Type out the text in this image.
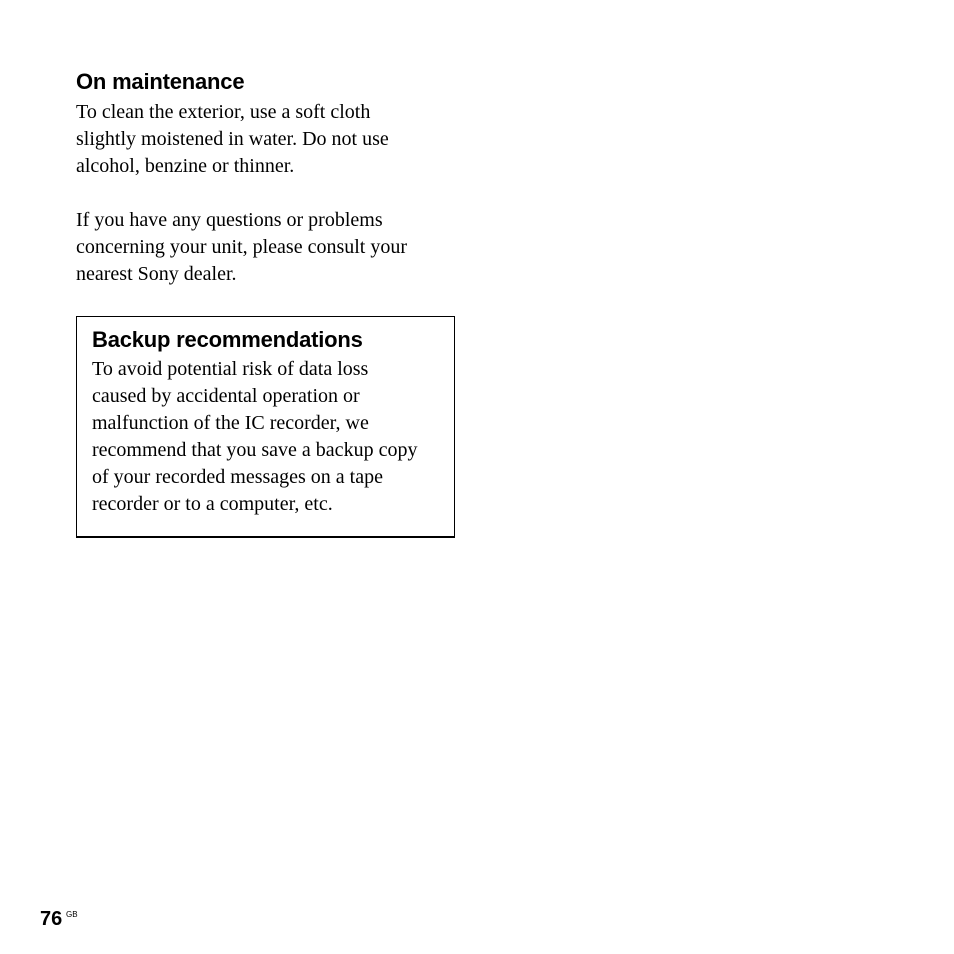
On maintenance

To clean the exterior, use a soft cloth
slightly moistened in water. Do not use
alcohol, benzine or thinner.

If you have any questions or problems
concerning your unit, please consult your
nearest Sony dealer.

Backup recommendations

To avoid potential risk of data loss
caused by accidental operation or
malfunction of the IC recorder, we
recommend that you save a backup copy
of your recorded messages on a tape
recorder or to a computer, etc.

76 GB
